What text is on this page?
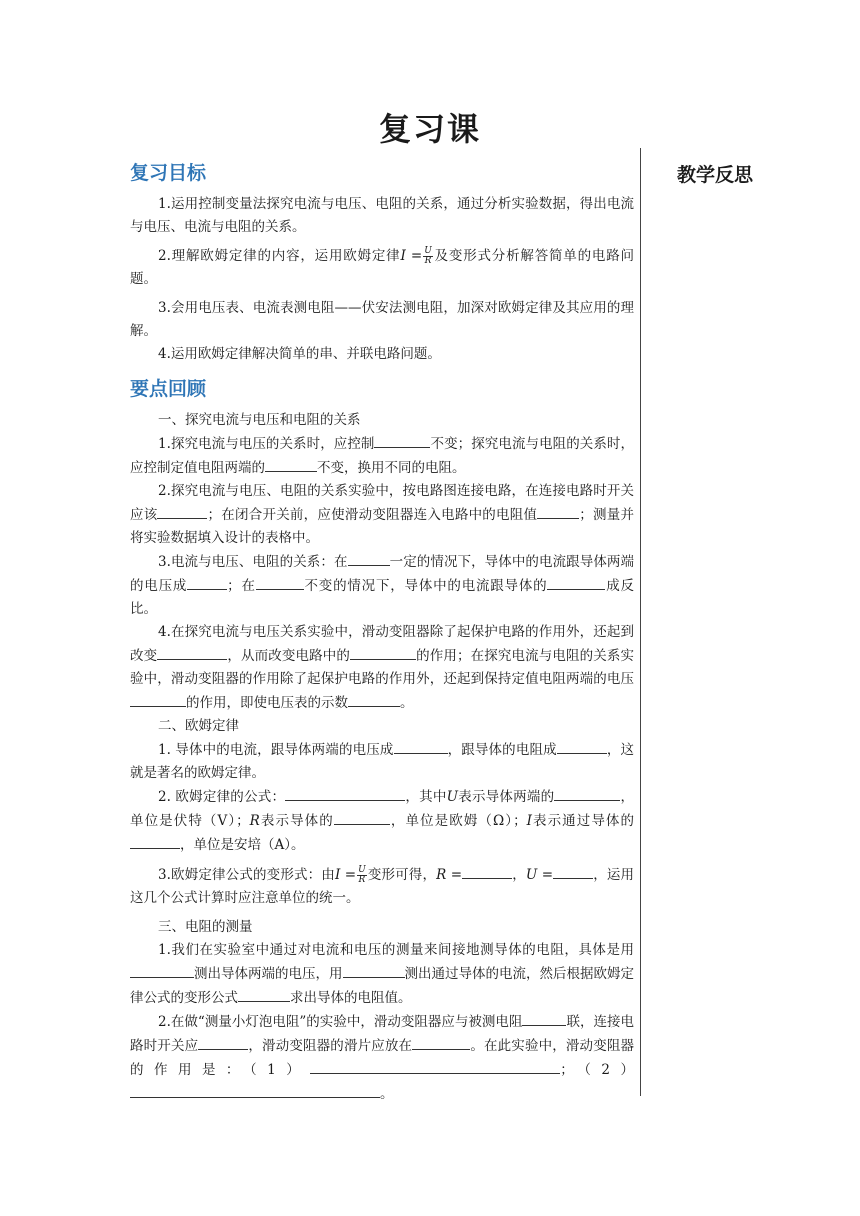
复习课
教学反思
复习目标

1.运用控制变量法探究电流与电压、电阻的关系，通过分析实验数据，得出电流与电压、电流与电阻的关系。

2.理解欧姆定律的内容，运用欧姆定律$I = \frac{U}{R}$ 及变形式分析解答简单的电路问题。

3.会用电压表、电流表测电阻——伏安法测电阻，加深对欧姆定律及其应用的理解。

4.运用欧姆定律解决简单的串、并联电路问题。

要点回顾

一、探究电流与电压和电阻的关系

1.探究电流与电压的关系时，应控制	不变；探究电流与电阻的关系时，应控制定值电阻两端的	不变，换用不同的电阻。

2.探究电流与电压、电阻的关系实验中，按电路图连接电路，在连接电路时开关应该	；在闭合开关前，应使滑动变阻器连入电路中的电阻值	；测量并将实验数据填入设计的表格中。

3.电流与电压、电阻的关系：在	一定的情况下，导体中的电流跟导体两端的电压成	；在	不变的情况下，导体中的电流跟导体的	成反比。

4.在探究电流与电压关系实验中，滑动变阻器除了起保护电路的作用外，还起到改变	，从而改变电路中的	的作用；在探究电流与电阻的关系实验中，滑动变阻器的作用除了起保护电路的作用外，还起到保持定值电阻两端的电压的作用，即使电压表的示数	。

二、欧姆定律

1. 导体中的电流，跟导体两端的电压成	，跟导体的电阻成	，这就是著名的欧姆定律。

2. 欧姆定律的公式：	，其中U表示导体两端的	，单位是伏特（V）；R表示导体的	，单位是欧姆（Ω）；I表示通过导体的，单位是安培（A）。

3.欧姆定律公式的变形式：由$I = \frac{U}{R}$ 变形可得，R =	，U =	，运用这几个公式计算时应注意单位的统一。

三、电阻的测量

1.我们在实验室中通过对电流和电压的测量来间接地测导体的电阻，具体是用测出导体两端的电压，用	测出通过导体的电流，然后根据欧姆定律公式的变形公式	求出导体的电阻值。

2.在做“测量小灯泡电阻”的实验中，滑动变阻器应与被测电阻	联，连接电路时开关应	，滑动变阻器的滑片应放在	。在此实验中，滑动变阻器的作用是：（1）	；（2）。
